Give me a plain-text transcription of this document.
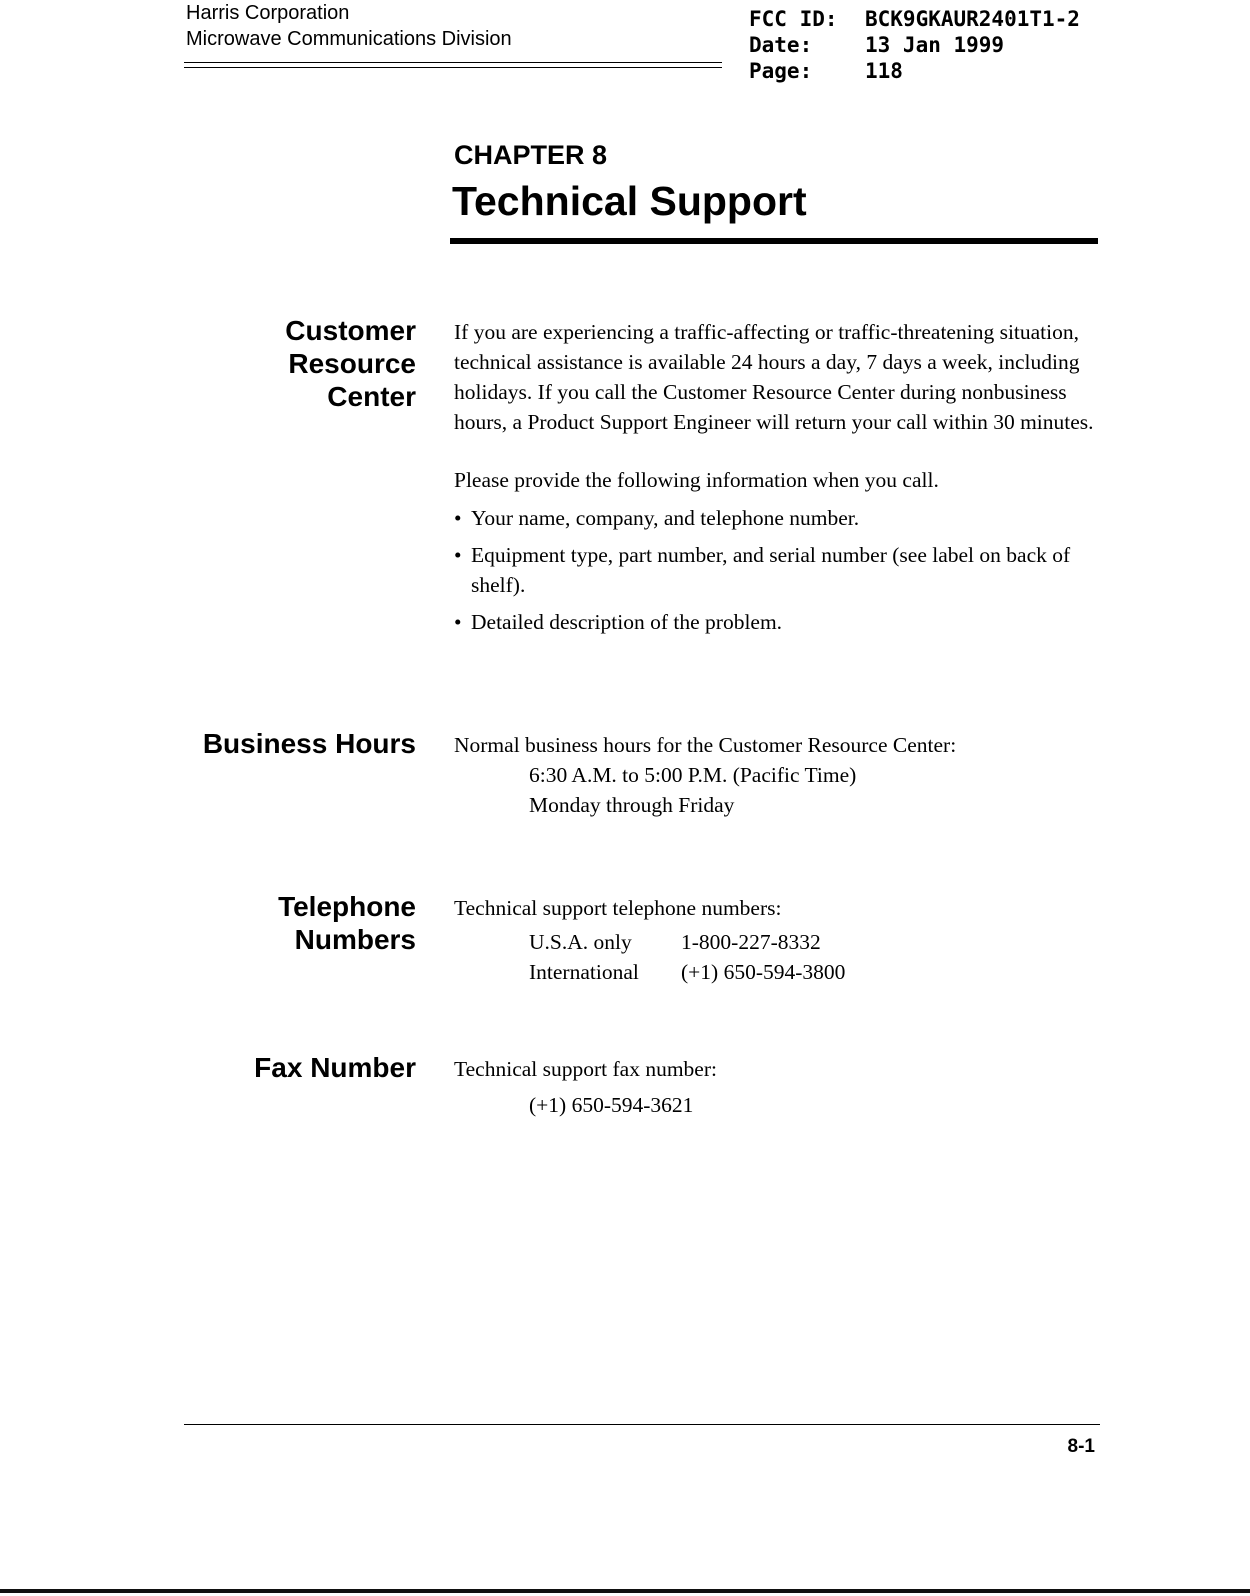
Harris Corporation
Microwave Communications Division
FCC ID:	BCK9GKAUR2401T1-2
Date:	13 Jan 1999
Page:	118
CHAPTER 8
Technical Support
Customer
Resource
Center

If you are experiencing a traffic-affecting or traffic-threatening situation, technical assistance is available 24 hours a day, 7 days a week, including holidays. If you call the Customer Resource Center during nonbusiness hours, a Product Support Engineer will return your call within 30 minutes.

Please provide the following information when you call.

• Your name, company, and telephone number.
• Equipment type, part number, and serial number (see label on back of shelf).
• Detailed description of the problem.
Business Hours Normal business hours for the Customer Resource Center:

6:30 A.M. to 5:00 P.M. (Pacific Time)

Monday through Friday

Telephone
Numbers

Technical support telephone numbers:

U.S.A. only	1-800-227-8332
International	(+1) 650-594-3800
Fax Number Technical support fax number:

(+1) 650-594-3621

8-1
